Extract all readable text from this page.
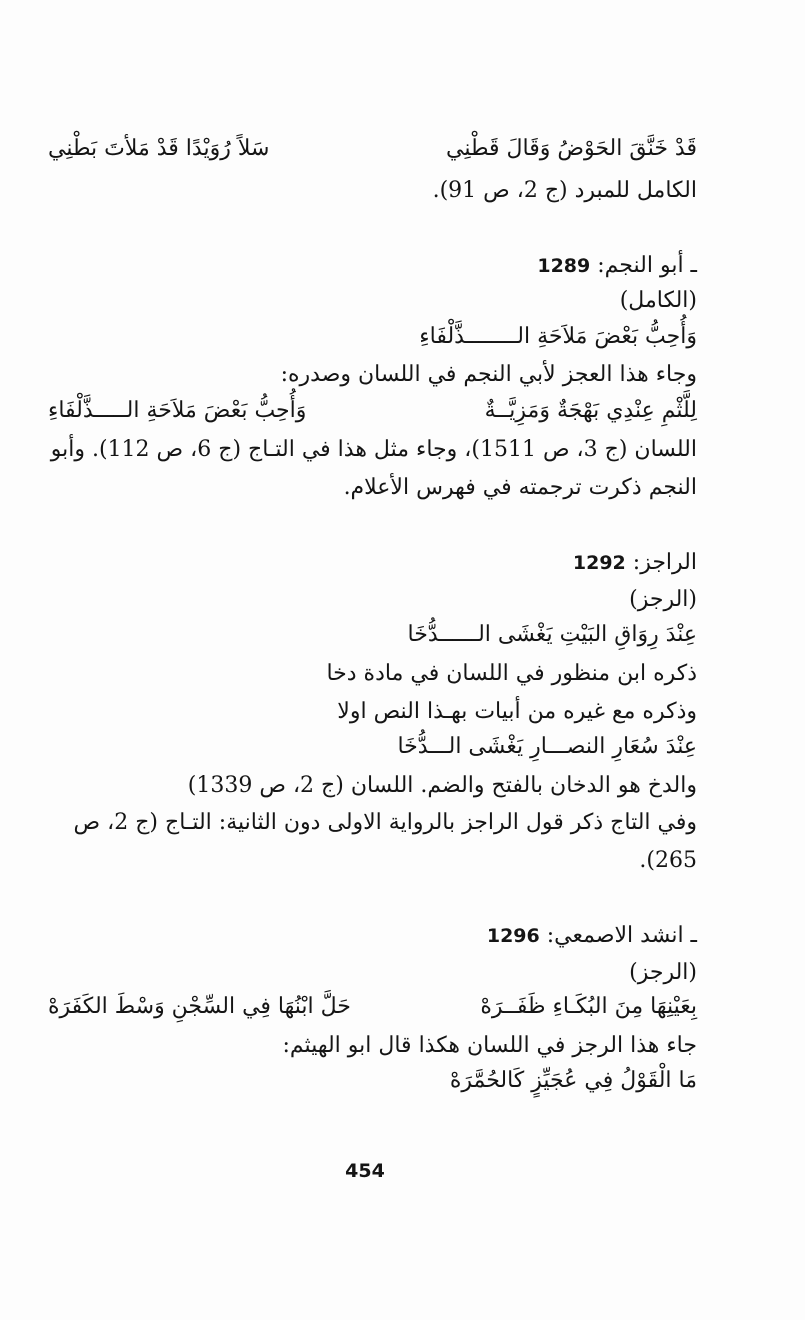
قَدْ خَنَّقَ الحَوْضُ وَقَالَ قَطْنِي
سَلاً رُوَيْدًا قَدْ مَلأتَ بَطْنِي
الكامل للمبرد (ج 2، ص 91).
ـ أبو النجم: 1289
(الكامل)
وَأُحِبُّ بَعْضَ مَلاَحَةِ الــــــــذَّلْفَاءِ
وجاء هذا العجز لأبي النجم في اللسان وصدره:
لِلَّثْمِ عِنْدِي بَهْجَةٌ وَمَزِيَّــةٌ
وَأُحِبُّ بَعْضَ مَلاَحَةِ الـــــذَّلْفَاءِ
اللسان (ج 3، ص 1511)، وجاء مثل هذا في التـاج (ج 6، ص 112). وأبو
النجم ذكرت ترجمته في فهرس الأعلام.
الراجز: 1292
(الرجز)
عِنْدَ رِوَاقِ البَيْتِ يَغْشَى الــــــدُّخَا
ذكره ابن منظور في اللسان في مادة دخا
وذكره مع غيره من أبيات بهـذا النص اولا
عِنْدَ سُعَارِ النصـــارِ يَغْشَى الـــدُّخَا
والدخ هو الدخان بالفتح والضم. اللسان (ج 2، ص 1339)
وفي التاج ذكر قول الراجز بالرواية الاولى دون الثانية: التـاج (ج 2، ص
265).
ـ انشد الاصمعي: 1296
(الرجز)
بِعَيْنِهَا مِنَ البُكَـاءِ ظَفَــرَهْ
حَلَّ ابْنُهَا فِي السِّجْنِ وَسْطَ الكَفَرَهْ
جاء هذا الرجز في اللسان هكذا قال ابو الهيثم:
مَا الْقَوْلُ فِي عُجَيِّزٍ كَالحُمَّرَهْ
454
